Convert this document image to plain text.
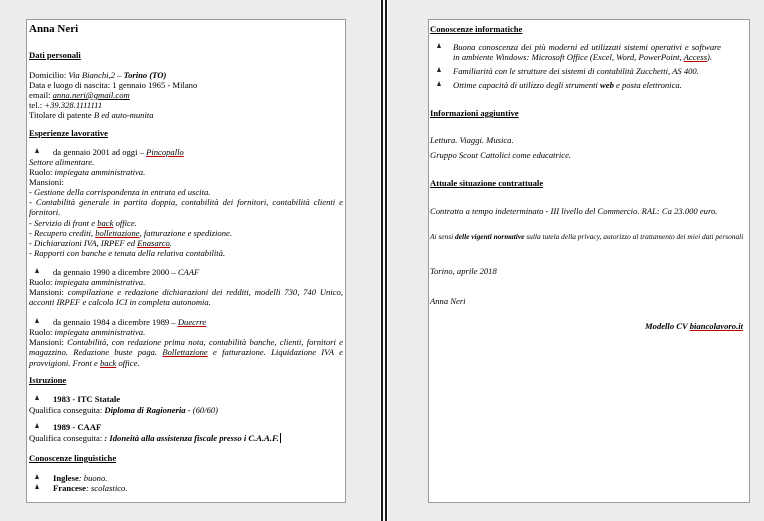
Anna Neri
Dati personali
Domicilio: Via Bianchi,2 – Torino (TO)
Data e luogo di nascita: 1 gennaio 1965 - Milano
email: anna.neri@gmail.com
tel.: +39.328.1111111
Titolare di patente B ed auto-munita
Esperienze lavorative
da gennaio 2001 ad oggi – Pincopallo
Settore alimentare.
Ruolo: impiegata amministrativa.
Mansioni:
- Gestione della corrispondenza in entrata ed uscita.
- Contabilità generale in partita doppia, contabilità dei fornitori, contabilità clienti e fornitori.
- Servizio di front e back office.
- Recupero crediti, bollettazione, fatturazione e spedizione.
- Dichiarazioni IVA, IRPEF ed Enasarco.
- Rapporti con banche e tenuta della relativa contabilità.
da gennaio 1990 a dicembre 2000 – CAAF
Ruolo: impiegata amministrativa.
Mansioni: compilazione e redazione dichiarazioni dei redditi, modelli 730, 740 Unico, acconti IRPEF e calcolo ICI in completa autonomia.
da gennaio 1984 a dicembre 1989 – Duecrre
Ruolo: impiegata amministrativa.
Mansioni: Contabilità, con redazione prima nota, contabilità banche, clienti, fornitori e magazzino. Redazione buste paga. Bollettazione e fatturazione. Liquidazione IVA e provvigioni. Front e back office.
Istruzione
1983 - ITC Statale
Qualifica conseguita: Diploma di Ragioneria - (60/60)
1989 - CAAF
Qualifica conseguita: : Idoneità alla assistenza fiscale presso i C.A.A.F.
Conoscenze linguistiche
Inglese: buono.
Francese: scolastico.
Conoscenze informatiche
Buona conoscenza dei più moderni ed utilizzati sistemi operativi e software in ambiente Windows: Microsoft Office (Excel, Word, PowerPoint, Access).
Familiarità con le strutture dei sistemi di contabilità Zucchetti, AS 400.
Ottime capacità di utilizzo degli strumenti web e posta elettronica.
Informazioni aggiuntive
Lettura. Viaggi. Musica.
Gruppo Scout Cattolici come educatrice.
Attuale situazione contrattuale
Contratto a tempo indeterminato - III livello del Commercio. RAL: Ca 23.000 euro.
Ai sensi delle vigenti normative sulla tutela della privacy, autorizzo al trattamento dei miei dati personali
Torino, aprile 2018
Anna Neri
Modello CV biancolavoro.it
